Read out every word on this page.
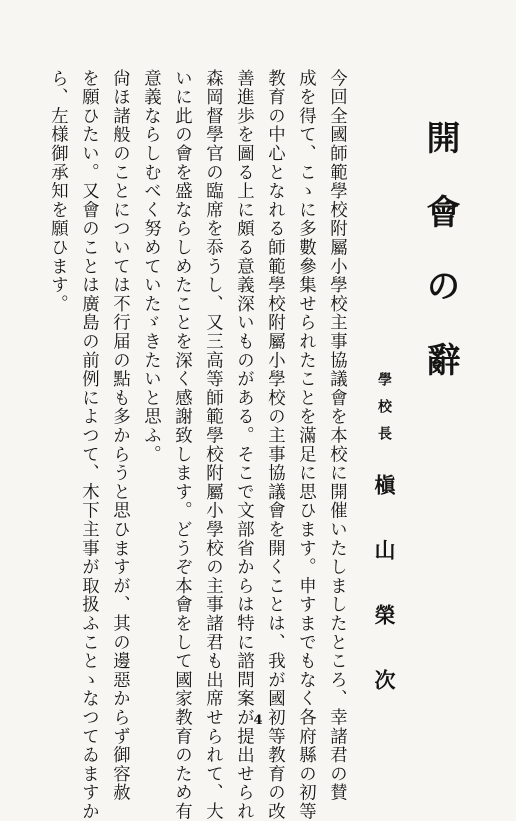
開會の辭
學校長
槇山榮次
今回全國師範學校附屬小學校主事協議會を本校に開催いたしましたところ、幸諸君の賛
成を得て、こゝに多數參集せられたことを滿足に思ひます。申すまでもなく各府縣の初等
教育の中心となれる師範學校附屬小學校の主事協議會を開くことは、我が國初等教育の改
善進歩を圖る上に頗る意義深いものがある。そこで文部省からは特に諮問案が提出せられ
森岡督學官の臨席を忝うし、又三高等師範學校附屬小學校の主事諸君も出席せられて、大
いに此の會を盛ならしめたことを深く感謝致します。どうぞ本會をして國家教育のため有
意義ならしむべく努めていたゞきたいと思ふ。
尙ほ諸般のことについては不行届の點も多からうと思ひますが、其の邊惡からず御容赦
を願ひたい。又會のことは廣島の前例によつて、木下主事が取扱ふことゝなつてゐますか
ら、左様御承知を願ひます。
4
